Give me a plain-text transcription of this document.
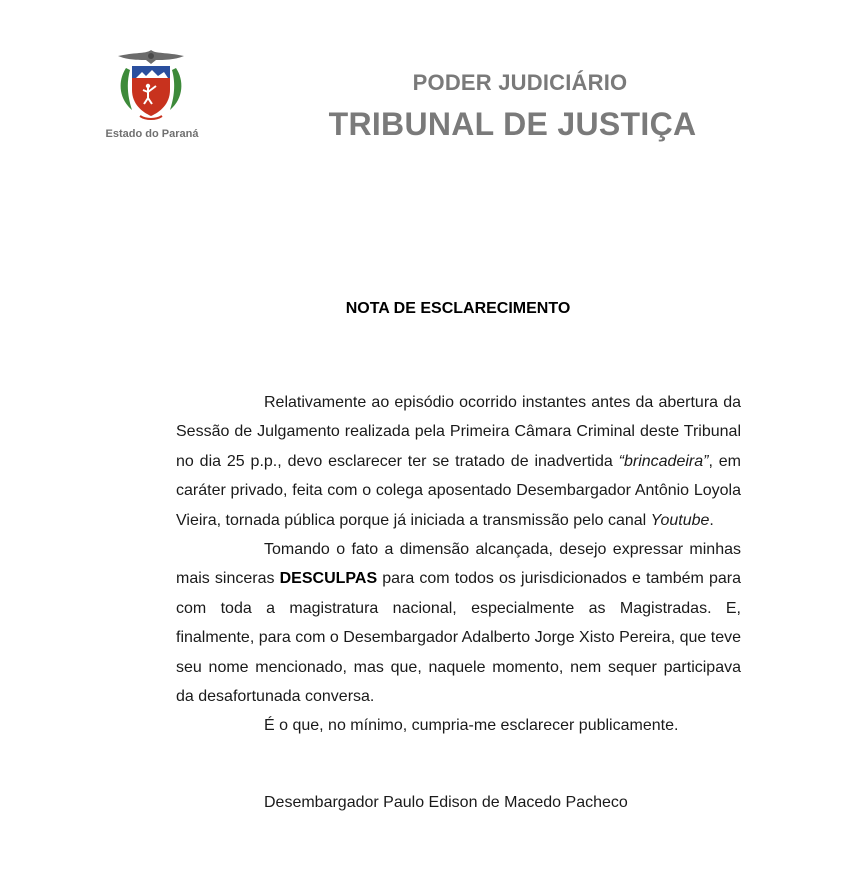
Estado do Paraná
PODER JUDICIÁRIO
TRIBUNAL DE JUSTIÇA
NOTA DE ESCLARECIMENTO

Relativamente ao episódio ocorrido instantes antes da abertura da Sessão de Julgamento realizada pela Primeira Câmara Criminal deste Tribunal no dia 25 p.p., devo esclarecer ter se tratado de inadvertida “brincadeira”, em caráter privado, feita com o colega aposentado Desembargador Antônio Loyola Vieira, tornada pública porque já iniciada a transmissão pelo canal Youtube.

Tomando o fato a dimensão alcançada, desejo expressar minhas mais sinceras DESCULPAS para com todos os jurisdicionados e também para com toda a magistratura nacional, especialmente as Magistradas. E, finalmente, para com o Desembargador Adalberto Jorge Xisto Pereira, que teve seu nome mencionado, mas que, naquele momento, nem sequer participava da desafortunada conversa.

É o que, no mínimo, cumpria-me esclarecer publicamente.

Desembargador Paulo Edison de Macedo Pacheco
